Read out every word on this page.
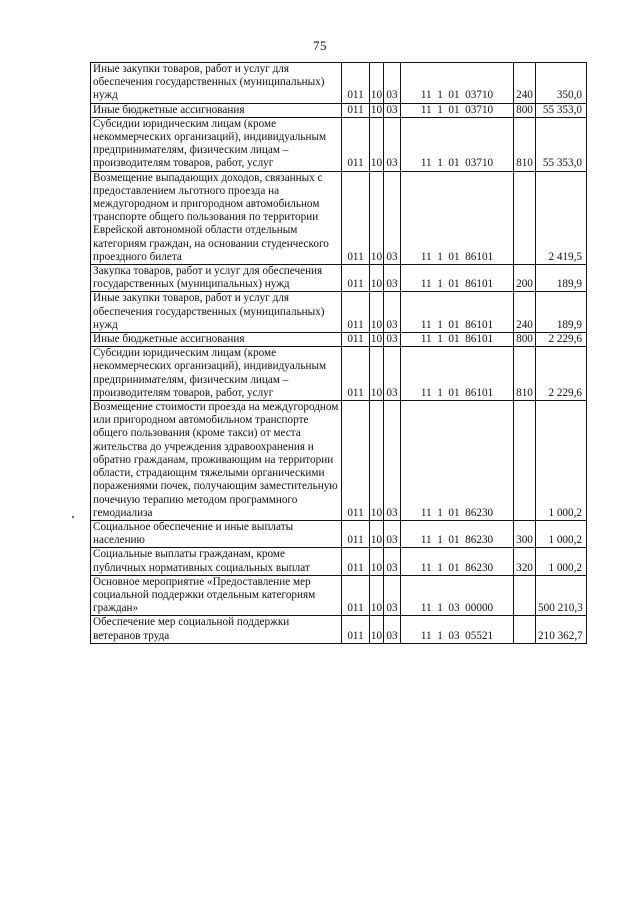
75
Иные закупки товаров, работ и услуг для обеспечения государственных (муниципальных) нужд	011	10	03	11  1  01  03710	240	350,0
Иные бюджетные ассигнования	011	10	03	11  1  01  03710	800	55 353,0
Субсидии юридическим лицам (кроме некоммерческих организаций), индивидуальным предпринимателям, физическим лицам – производителям товаров, работ, услуг	011	10	03	11  1  01  03710	810	55 353,0
Возмещение выпадающих доходов, связанных с предоставлением льготного проезда на междугородном и пригородном автомобильном транспорте общего пользования по территории Еврейской автономной области отдельным категориям граждан, на основании студенческого проездного билета	011	10	03	11  1  01  86101		2 419,5
Закупка товаров, работ и услуг для обеспечения государственных (муниципальных) нужд	011	10	03	11  1  01  86101	200	189,9
Иные закупки товаров, работ и услуг для обеспечения государственных (муниципальных) нужд	011	10	03	11  1  01  86101	240	189,9
Иные бюджетные ассигнования	011	10	03	11  1  01  86101	800	2 229,6
Субсидии юридическим лицам (кроме некоммерческих организаций), индивидуальным предпринимателям, физическим лицам – производителям товаров, работ, услуг	011	10	03	11  1  01  86101	810	2 229,6
Возмещение стоимости проезда на междугородном или пригородном автомобильном транспорте общего пользования (кроме такси) от места жительства до учреждения здравоохранения и обратно гражданам, проживающим на территории области, страдающим тяжелыми органическими поражениями почек, получающим заместительную почечную терапию методом программного гемодиализа	011	10	03	11  1  01  86230		1 000,2
Социальное обеспечение и иные выплаты населению	011	10	03	11  1  01  86230	300	1 000,2
Социальные выплаты гражданам, кроме публичных нормативных социальных выплат	011	10	03	11  1  01  86230	320	1 000,2
Основное мероприятие «Предоставление мер социальной поддержки отдельным категориям граждан»	011	10	03	11  1  03  00000		500 210,3
Обеспечение мер социальной поддержки ветеранов труда	011	10	03	11  1  03  05521		210 362,7
